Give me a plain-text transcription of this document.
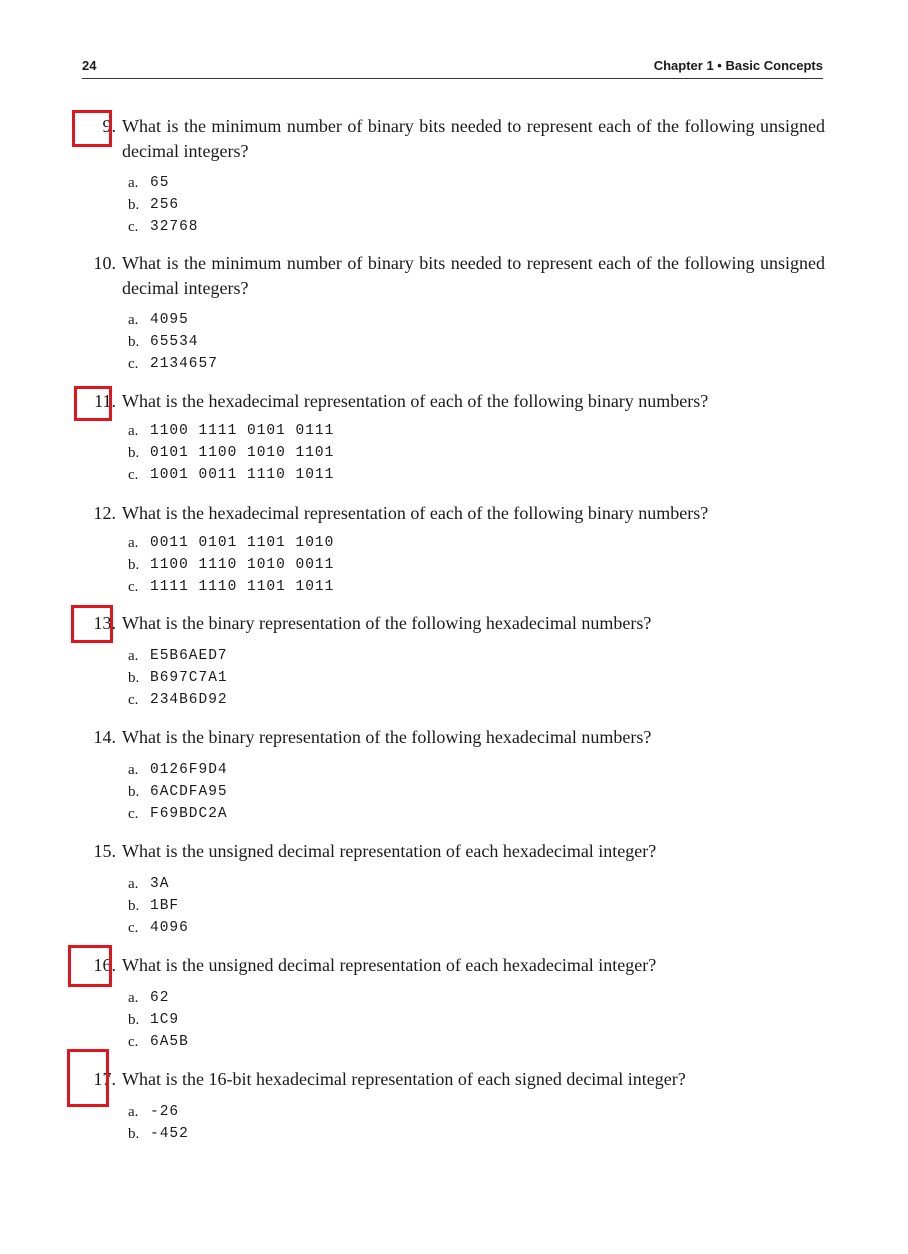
24	Chapter 1 • Basic Concepts
9. What is the minimum number of binary bits needed to represent each of the following unsigned decimal integers?
a. 65
b. 256
c. 32768
10. What is the minimum number of binary bits needed to represent each of the following unsigned decimal integers?
a. 4095
b. 65534
c. 2134657
11. What is the hexadecimal representation of each of the following binary numbers?
a. 1100 1111 0101 0111
b. 0101 1100 1010 1101
c. 1001 0011 1110 1011
12. What is the hexadecimal representation of each of the following binary numbers?
a. 0011 0101 1101 1010
b. 1100 1110 1010 0011
c. 1111 1110 1101 1011
13. What is the binary representation of the following hexadecimal numbers?
a. E5B6AED7
b. B697C7A1
c. 234B6D92
14. What is the binary representation of the following hexadecimal numbers?
a. 0126F9D4
b. 6ACDFA95
c. F69BDC2A
15. What is the unsigned decimal representation of each hexadecimal integer?
a. 3A
b. 1BF
c. 4096
16. What is the unsigned decimal representation of each hexadecimal integer?
a. 62
b. 1C9
c. 6A5B
17. What is the 16-bit hexadecimal representation of each signed decimal integer?
a. -26
b. -452
